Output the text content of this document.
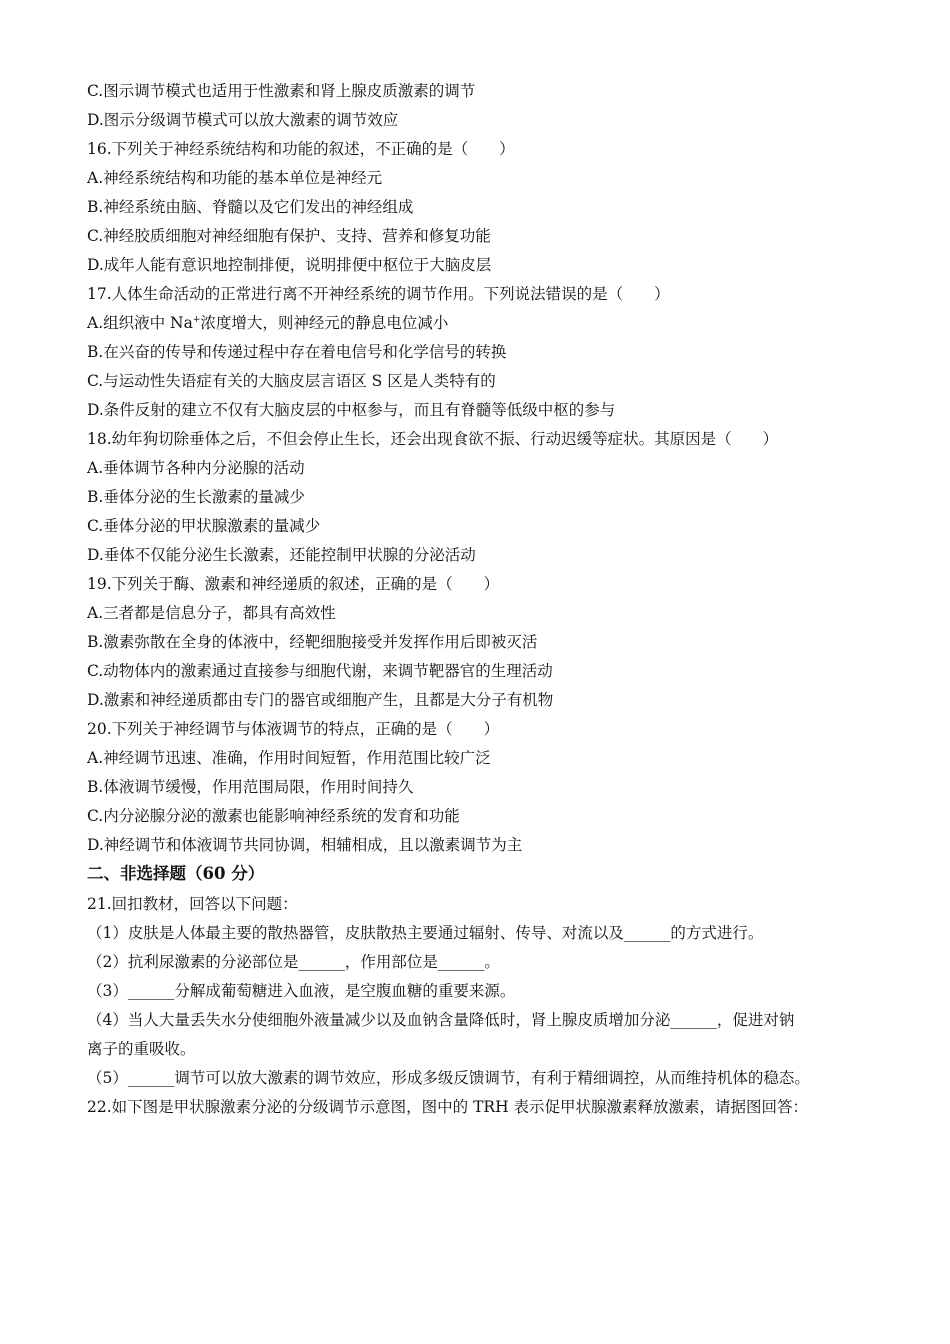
C.图示调节模式也适用于性激素和肾上腺皮质激素的调节
D.图示分级调节模式可以放大激素的调节效应
16.下列关于神经系统结构和功能的叙述，不正确的是（　　）
A.神经系统结构和功能的基本单位是神经元
B.神经系统由脑、脊髓以及它们发出的神经组成
C.神经胶质细胞对神经细胞有保护、支持、营养和修复功能
D.成年人能有意识地控制排便，说明排便中枢位于大脑皮层
17.人体生命活动的正常进行离不开神经系统的调节作用。下列说法错误的是（　　）
A.组织液中 Na+浓度增大，则神经元的静息电位减小
B.在兴奋的传导和传递过程中存在着电信号和化学信号的转换
C.与运动性失语症有关的大脑皮层言语区 S 区是人类特有的
D.条件反射的建立不仅有大脑皮层的中枢参与，而且有脊髓等低级中枢的参与
18.幼年狗切除垂体之后，不但会停止生长，还会出现食欲不振、行动迟缓等症状。其原因是（　　）
A.垂体调节各种内分泌腺的活动
B.垂体分泌的生长激素的量减少
C.垂体分泌的甲状腺激素的量减少
D.垂体不仅能分泌生长激素，还能控制甲状腺的分泌活动
19.下列关于酶、激素和神经递质的叙述，正确的是（　　）
A.三者都是信息分子，都具有高效性
B.激素弥散在全身的体液中，经靶细胞接受并发挥作用后即被灭活
C.动物体内的激素通过直接参与细胞代谢，来调节靶器官的生理活动
D.激素和神经递质都由专门的器官或细胞产生，且都是大分子有机物
20.下列关于神经调节与体液调节的特点，正确的是（　　）
A.神经调节迅速、准确，作用时间短暂，作用范围比较广泛
B.体液调节缓慢，作用范围局限，作用时间持久
C.内分泌腺分泌的激素也能影响神经系统的发育和功能
D.神经调节和体液调节共同协调，相辅相成，且以激素调节为主
二、非选择题（60 分）
21.回扣教材，回答以下问题：
（1）皮肤是人体最主要的散热器管，皮肤散热主要通过辐射、传导、对流以及______的方式进行。
（2）抗利尿激素的分泌部位是______，作用部位是______。
（3）______分解成葡萄糖进入血液，是空腹血糖的重要来源。
（4）当人大量丢失水分使细胞外液量减少以及血钠含量降低时，肾上腺皮质增加分泌______，促进对钠
离子的重吸收。
（5）______调节可以放大激素的调节效应，形成多级反馈调节，有利于精细调控，从而维持机体的稳态。
22.如下图是甲状腺激素分泌的分级调节示意图，图中的 TRH 表示促甲状腺激素释放激素，请据图回答：
